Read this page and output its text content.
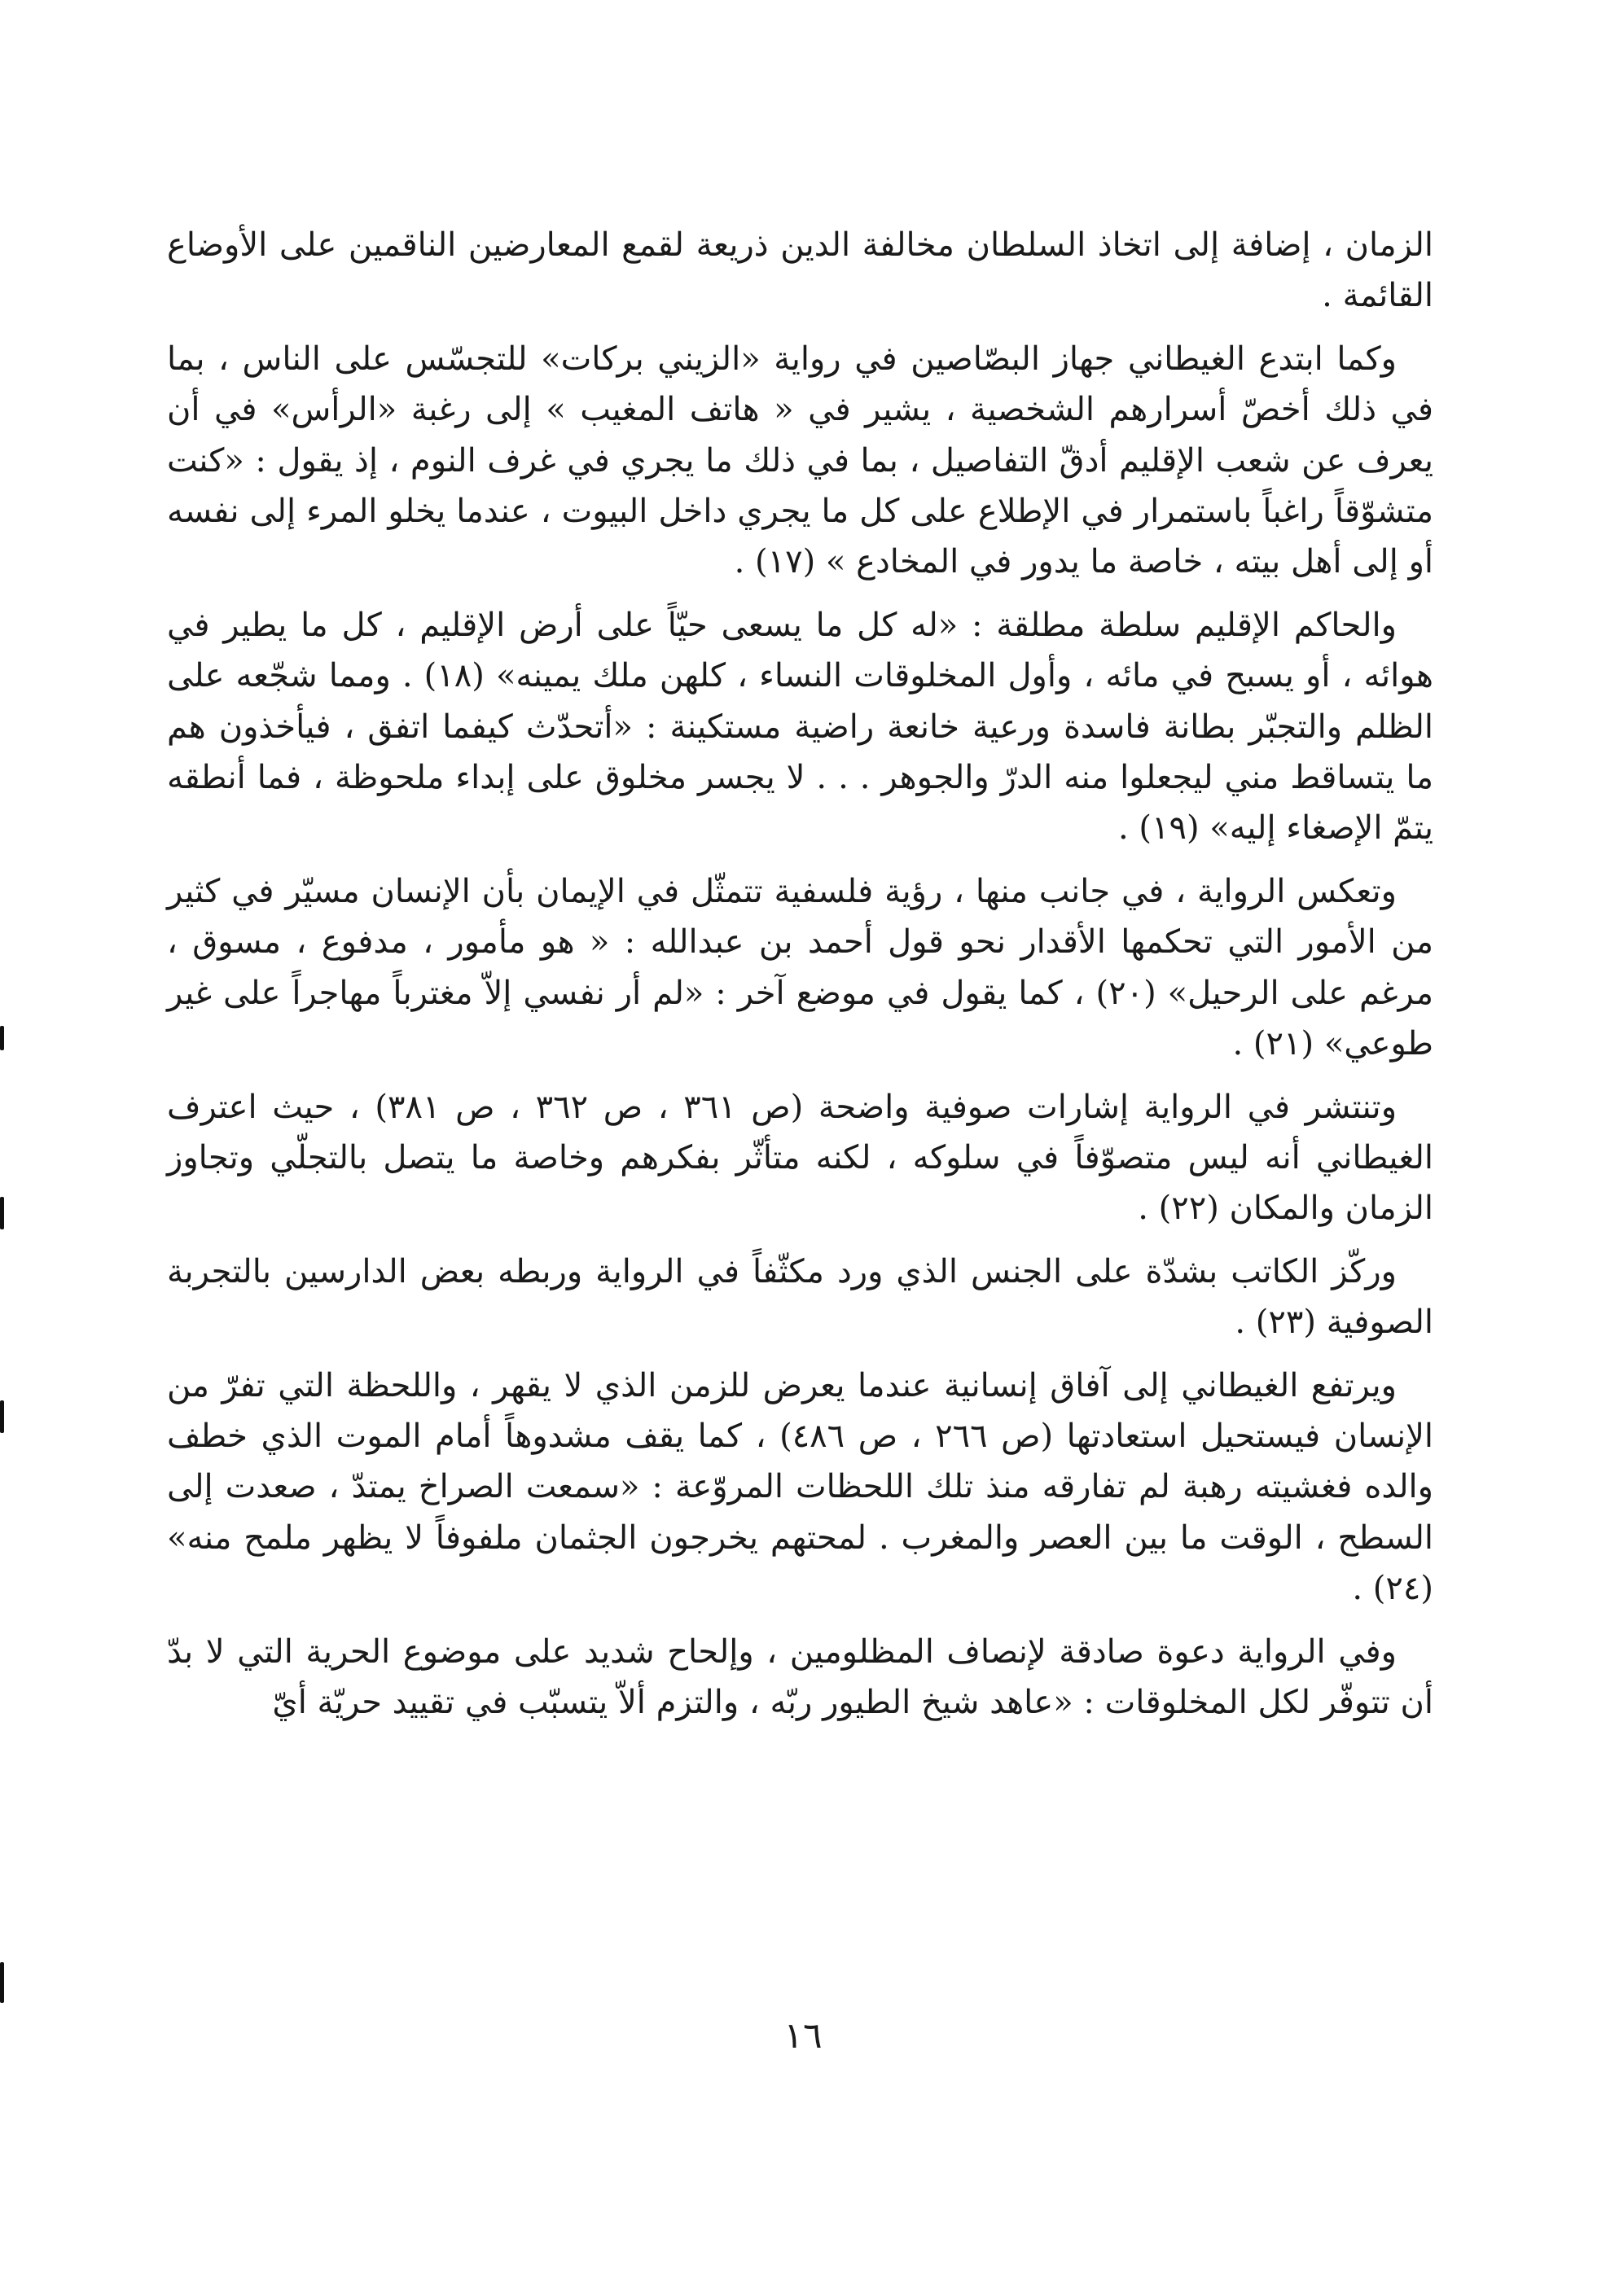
الزمان ، إضافة إلى اتخاذ السلطان مخالفة الدين ذريعة لقمع المعارضين الناقمين على الأوضاع القائمة .

وكما ابتدع الغيطاني جهاز البصّاصين في رواية «الزيني بركات» للتجسّس على الناس ، بما في ذلك أخصّ أسرارهم الشخصية ، يشير في « هاتف المغيب » إلى رغبة «الرأس» في أن يعرف عن شعب الإقليم أدقّ التفاصيل ، بما في ذلك ما يجري في غرف النوم ، إذ يقول : «كنت متشوّقاً راغباً باستمرار في الإطلاع على كل ما يجري داخل البيوت ، عندما يخلو المرء إلى نفسه أو إلى أهل بيته ، خاصة ما يدور في المخادع » (١٧) .

والحاكم الإقليم سلطة مطلقة : «له كل ما يسعى حيّاً على أرض الإقليم ، كل ما يطير في هوائه ، أو يسبح في مائه ، وأول المخلوقات النساء ، كلهن ملك يمينه» (١٨) . ومما شجّعه على الظلم والتجبّر بطانة فاسدة ورعية خانعة راضية مستكينة : «أتحدّث كيفما اتفق ، فيأخذون هم ما يتساقط مني ليجعلوا منه الدرّ والجوهر . . . لا يجسر مخلوق على إبداء ملحوظة ، فما أنطقه يتمّ الإصغاء إليه» (١٩) .

وتعكس الرواية ، في جانب منها ، رؤية فلسفية تتمثّل في الإيمان بأن الإنسان مسيّر في كثير من الأمور التي تحكمها الأقدار نحو قول أحمد بن عبدالله : « هو مأمور ، مدفوع ، مسوق ، مرغم على الرحيل» (٢٠) ، كما يقول في موضع آخر : «لم أر نفسي إلاّ مغترباً مهاجراً على غير طوعي» (٢١) .

وتنتشر في الرواية إشارات صوفية واضحة (ص ٣٦١ ، ص ٣٦٢ ، ص ٣٨١) ، حيث اعترف الغيطاني أنه ليس متصوّفاً في سلوكه ، لكنه متأثّر بفكرهم وخاصة ما يتصل بالتجلّي وتجاوز الزمان والمكان (٢٢) .

وركّز الكاتب بشدّة على الجنس الذي ورد مكثّفاً في الرواية وربطه بعض الدارسين بالتجربة الصوفية (٢٣) .

ويرتفع الغيطاني إلى آفاق إنسانية عندما يعرض للزمن الذي لا يقهر ، واللحظة التي تفرّ من الإنسان فيستحيل استعادتها (ص ٢٦٦ ، ص ٤٨٦) ، كما يقف مشدوهاً أمام الموت الذي خطف والده فغشيته رهبة لم تفارقه منذ تلك اللحظات المروّعة : «سمعت الصراخ يمتدّ ، صعدت إلى السطح ، الوقت ما بين العصر والمغرب . لمحتهم يخرجون الجثمان ملفوفاً لا يظهر ملمح منه» (٢٤) .

وفي الرواية دعوة صادقة لإنصاف المظلومين ، وإلحاح شديد على موضوع الحرية التي لا بدّ أن تتوفّر لكل المخلوقات : «عاهد شيخ الطيور ربّه ، والتزم ألاّ يتسبّب في تقييد حريّة أيّ

١٦
